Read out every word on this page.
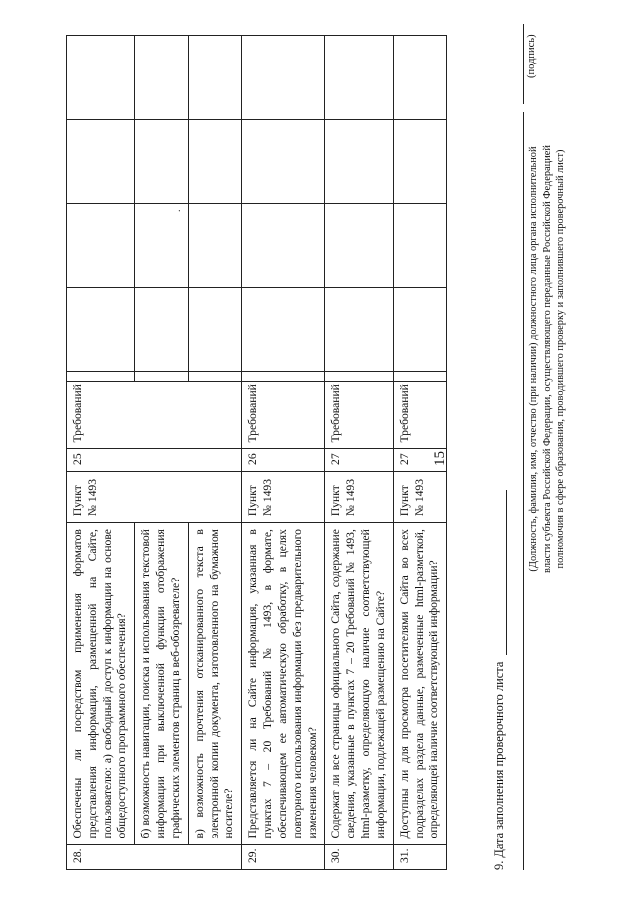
15
.
28.	Обеспечены ли посредством применения форматов представления информации, размещенной на Сайте, пользователю: а) свободный доступ к информации на основе общедоступного программного обеспечения?	Пункт № 1493	25	Требований					
	б) возможность навигации, поиска и использования текстовой информации при выключенной функции отображения графических элементов страниц в веб-обозревателе?								
	в) возможность прочтения отсканированного текста в электронной копии документа, изготовленного на бумажном носителе?								
29.	Представляется ли на Сайте информация, указанная в пунктах 7 – 20 Требований № 1493, в формате, обеспечивающем ее автоматическую обработку, в целях повторного использования информации без предварительного изменения человеком?	Пункт № 1493	26	Требований					
30.	Содержат ли все страницы официального Сайта, содержание сведения, указанные в пунктах 7 – 20 Требований № 1493, html-разметку, определяющую наличие соответствующей информации, подлежащей размещению на Сайте?	Пункт № 1493	27	Требований					
31.	Доступны ли для просмотра посетителями Сайта во всех подразделах раздела данные, размеченные html-разметкой, определяющей наличие соответствующей информации?	Пункт № 1493	27	Требований					
9. Дата заполнения проверочного листа
(подпись)
(Должность, фамилия, имя, отчество (при наличии) должностного лица органа исполнительной власти субъекта Российской Федерации, осуществляющего переданные Российской Федерацией полномочия в сфере образования, проводившего проверку и заполнившего проверочный лист)
